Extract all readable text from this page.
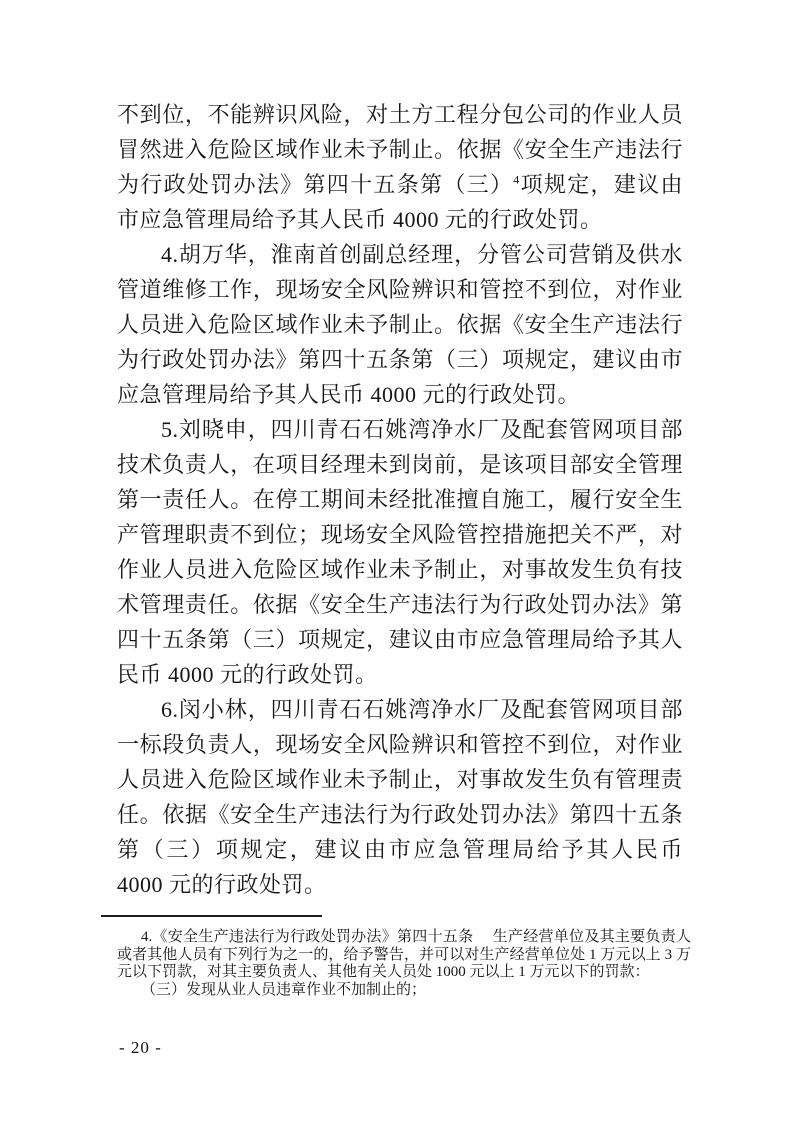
不到位，不能辨识风险，对土方工程分包公司的作业人员冒然进入危险区域作业未予制止。依据《安全生产违法行为行政处罚办法》第四十五条第（三）$^4$项规定，建议由市应急管理局给予其人民币 4000 元的行政处罚。

4.胡万华，淮南首创副总经理，分管公司营销及供水管道维修工作，现场安全风险辨识和管控不到位，对作业人员进入危险区域作业未予制止。依据《安全生产违法行为行政处罚办法》第四十五条第（三）项规定，建议由市应急管理局给予其人民币 4000 元的行政处罚。

5.刘晓申，四川青石石姚湾净水厂及配套管网项目部技术负责人，在项目经理未到岗前，是该项目部安全管理第一责任人。在停工期间未经批准擅自施工，履行安全生产管理职责不到位；现场安全风险管控措施把关不严，对作业人员进入危险区域作业未予制止，对事故发生负有技术管理责任。依据《安全生产违法行为行政处罚办法》第四十五条第（三）项规定，建议由市应急管理局给予其人民币 4000 元的行政处罚。

6.闵小林，四川青石石姚湾净水厂及配套管网项目部一标段负责人，现场安全风险辨识和管控不到位，对作业人员进入危险区域作业未予制止，对事故发生负有管理责任。依据《安全生产违法行为行政处罚办法》第四十五条第（三）项规定，建议由市应急管理局给予其人民币 4000 元的行政处罚。

4.《安全生产违法行为行政处罚办法》第四十五条　 生产经营单位及其主要负责人或者其他人员有下列行为之一的，给予警告，并可以对生产经营单位处 1 万元以上 3 万元以下罚款，对其主要负责人、其他有关人员处 1000 元以上 1 万元以下的罚款：

（三）发现从业人员违章作业不加制止的；

- 20 -
